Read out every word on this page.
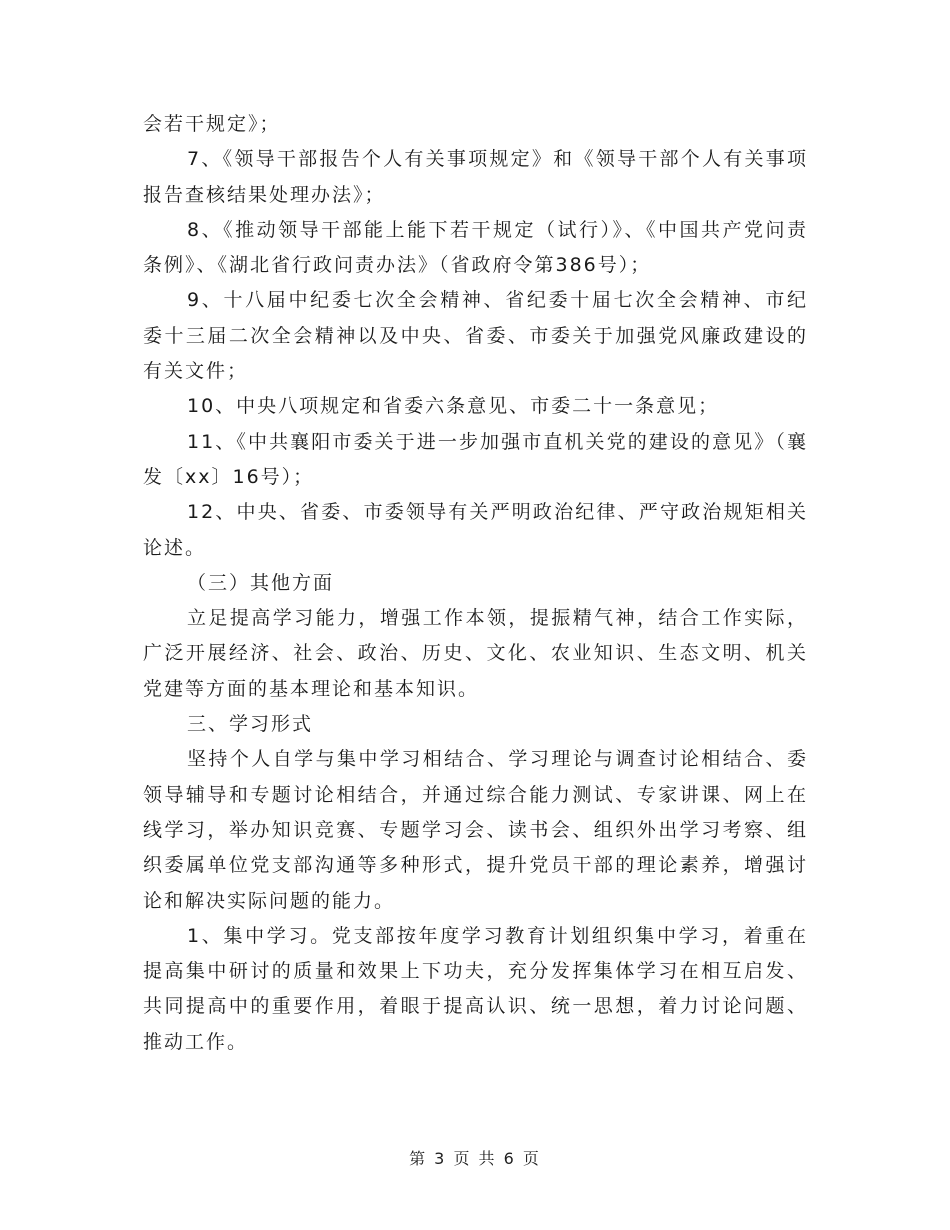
会若干规定》；

7、《领导干部报告个人有关事项规定》和《领导干部个人有关事项报告查核结果处理办法》；

8、《推动领导干部能上能下若干规定（试行）》、《中国共产党问责条例》、《湖北省行政问责办法》（省政府令第386号）；

9、十八届中纪委七次全会精神、省纪委十届七次全会精神、市纪委十三届二次全会精神以及中央、省委、市委关于加强党风廉政建设的有关文件；

10、中央八项规定和省委六条意见、市委二十一条意见；

11、《中共襄阳市委关于进一步加强市直机关党的建设的意见》（襄发〔xx〕16号）；

12、中央、省委、市委领导有关严明政治纪律、严守政治规矩相关论述。

（三）其他方面

立足提高学习能力，增强工作本领，提振精气神，结合工作实际，广泛开展经济、社会、政治、历史、文化、农业知识、生态文明、机关党建等方面的基本理论和基本知识。

三、学习形式

坚持个人自学与集中学习相结合、学习理论与调查讨论相结合、委领导辅导和专题讨论相结合，并通过综合能力测试、专家讲课、网上在线学习，举办知识竞赛、专题学习会、读书会、组织外出学习考察、组织委属单位党支部沟通等多种形式，提升党员干部的理论素养，增强讨论和解决实际问题的能力。

1、集中学习。党支部按年度学习教育计划组织集中学习，着重在提高集中研讨的质量和效果上下功夫，充分发挥集体学习在相互启发、共同提高中的重要作用，着眼于提高认识、统一思想，着力讨论问题、推动工作。

第 3 页 共 6 页
